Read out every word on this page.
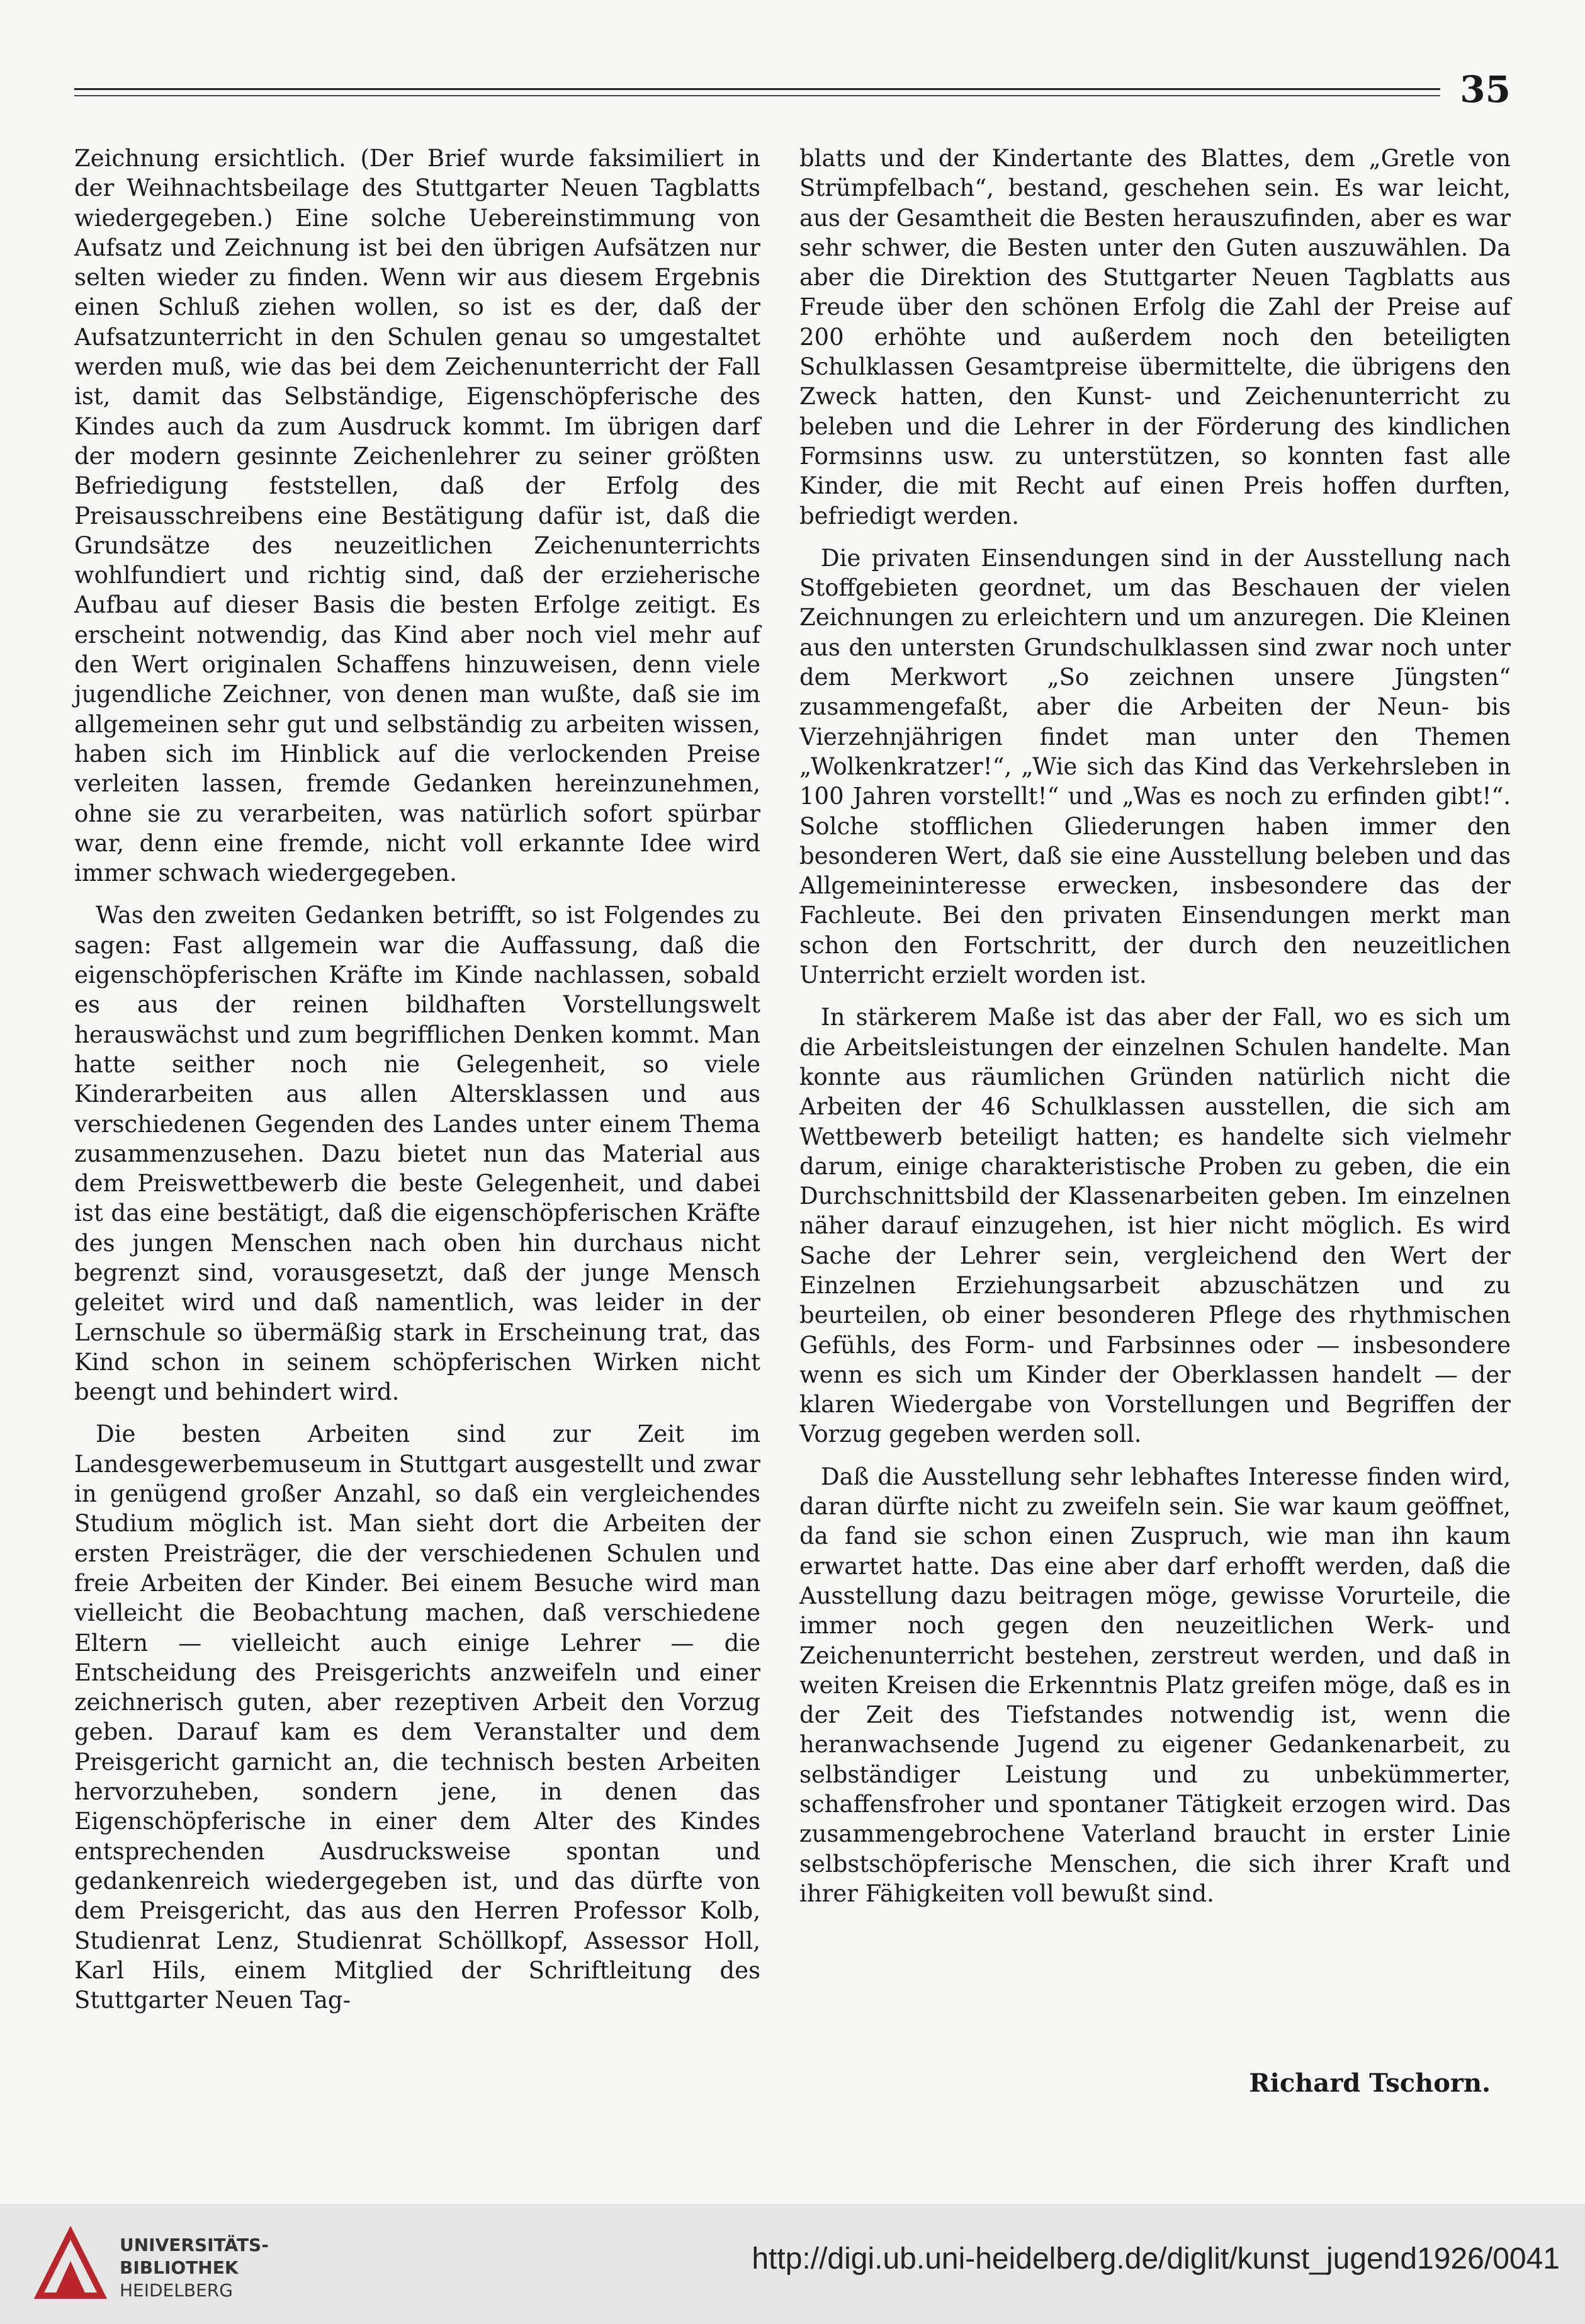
35

Zeichnung ersichtlich. (Der Brief wurde faksimiliert in der Weihnachtsbeilage des Stuttgarter Neuen Tagblatts wiedergegeben.) Eine solche Uebereinstimmung von Aufsatz und Zeichnung ist bei den übrigen Aufsätzen nur selten wieder zu finden. Wenn wir aus diesem Ergebnis einen Schluß ziehen wollen, so ist es der, daß der Aufsatzunterricht in den Schulen genau so umgestaltet werden muß, wie das bei dem Zeichenunterricht der Fall ist, damit das Selbständige, Eigenschöpferische des Kindes auch da zum Ausdruck kommt. Im übrigen darf der modern gesinnte Zeichenlehrer zu seiner größten Befriedigung feststellen, daß der Erfolg des Preisausschreibens eine Bestätigung dafür ist, daß die Grundsätze des neuzeitlichen Zeichenunterrichts wohlfundiert und richtig sind, daß der erzieherische Aufbau auf dieser Basis die besten Erfolge zeitigt. Es erscheint notwendig, das Kind aber noch viel mehr auf den Wert originalen Schaffens hinzuweisen, denn viele jugendliche Zeichner, von denen man wußte, daß sie im allgemeinen sehr gut und selbständig zu arbeiten wissen, haben sich im Hinblick auf die verlockenden Preise verleiten lassen, fremde Gedanken hereinzunehmen, ohne sie zu verarbeiten, was natürlich sofort spürbar war, denn eine fremde, nicht voll erkannte Idee wird immer schwach wiedergegeben.

Was den zweiten Gedanken betrifft, so ist Folgendes zu sagen: Fast allgemein war die Auffassung, daß die eigenschöpferischen Kräfte im Kinde nachlassen, sobald es aus der reinen bildhaften Vorstellungswelt herauswächst und zum begrifflichen Denken kommt. Man hatte seither noch nie Gelegenheit, so viele Kinderarbeiten aus allen Altersklassen und aus verschiedenen Gegenden des Landes unter einem Thema zusammenzusehen. Dazu bietet nun das Material aus dem Preiswettbewerb die beste Gelegenheit, und dabei ist das eine bestätigt, daß die eigenschöpferischen Kräfte des jungen Menschen nach oben hin durchaus nicht begrenzt sind, vorausgesetzt, daß der junge Mensch geleitet wird und daß namentlich, was leider in der Lernschule so übermäßig stark in Erscheinung trat, das Kind schon in seinem schöpferischen Wirken nicht beengt und behindert wird.

Die besten Arbeiten sind zur Zeit im Landesgewerbemuseum in Stuttgart ausgestellt und zwar in genügend großer Anzahl, so daß ein vergleichendes Studium möglich ist. Man sieht dort die Arbeiten der ersten Preisträger, die der verschiedenen Schulen und freie Arbeiten der Kinder. Bei einem Besuche wird man vielleicht die Beobachtung machen, daß verschiedene Eltern — vielleicht auch einige Lehrer — die Entscheidung des Preisgerichts anzweifeln und einer zeichnerisch guten, aber rezeptiven Arbeit den Vorzug geben. Darauf kam es dem Veranstalter und dem Preisgericht garnicht an, die technisch besten Arbeiten hervorzuheben, sondern jene, in denen das Eigenschöpferische in einer dem Alter des Kindes entsprechenden Ausdrucksweise spontan und gedankenreich wiedergegeben ist, und das dürfte von dem Preisgericht, das aus den Herren Professor Kolb, Studienrat Lenz, Studienrat Schöllkopf, Assessor Holl, Karl Hils, einem Mitglied der Schriftleitung des Stuttgarter Neuen Tag-

blatts und der Kindertante des Blattes, dem „Gretle von Strümpfelbach“, bestand, geschehen sein. Es war leicht, aus der Gesamtheit die Besten herauszufinden, aber es war sehr schwer, die Besten unter den Guten auszuwählen. Da aber die Direktion des Stuttgarter Neuen Tagblatts aus Freude über den schönen Erfolg die Zahl der Preise auf 200 erhöhte und außerdem noch den beteiligten Schulklassen Gesamtpreise übermittelte, die übrigens den Zweck hatten, den Kunst- und Zeichenunterricht zu beleben und die Lehrer in der Förderung des kindlichen Formsinns usw. zu unterstützen, so konnten fast alle Kinder, die mit Recht auf einen Preis hoffen durften, befriedigt werden.

Die privaten Einsendungen sind in der Ausstellung nach Stoffgebieten geordnet, um das Beschauen der vielen Zeichnungen zu erleichtern und um anzuregen. Die Kleinen aus den untersten Grundschulklassen sind zwar noch unter dem Merkwort „So zeichnen unsere Jüngsten“ zusammengefaßt, aber die Arbeiten der Neun- bis Vierzehnjährigen findet man unter den Themen „Wolkenkratzer!“, „Wie sich das Kind das Verkehrsleben in 100 Jahren vorstellt!“ und „Was es noch zu erfinden gibt!“. Solche stofflichen Gliederungen haben immer den besonderen Wert, daß sie eine Ausstellung beleben und das Allgemeininteresse erwecken, insbesondere das der Fachleute. Bei den privaten Einsendungen merkt man schon den Fortschritt, der durch den neuzeitlichen Unterricht erzielt worden ist.

In stärkerem Maße ist das aber der Fall, wo es sich um die Arbeitsleistungen der einzelnen Schulen handelte. Man konnte aus räumlichen Gründen natürlich nicht die Arbeiten der 46 Schulklassen ausstellen, die sich am Wettbewerb beteiligt hatten; es handelte sich vielmehr darum, einige charakteristische Proben zu geben, die ein Durchschnittsbild der Klassenarbeiten geben. Im einzelnen näher darauf einzugehen, ist hier nicht möglich. Es wird Sache der Lehrer sein, vergleichend den Wert der Einzelnen Erziehungsarbeit abzuschätzen und zu beurteilen, ob einer besonderen Pflege des rhythmischen Gefühls, des Form- und Farbsinnes oder — insbesondere wenn es sich um Kinder der Oberklassen handelt — der klaren Wiedergabe von Vorstellungen und Begriffen der Vorzug gegeben werden soll.

Daß die Ausstellung sehr lebhaftes Interesse finden wird, daran dürfte nicht zu zweifeln sein. Sie war kaum geöffnet, da fand sie schon einen Zuspruch, wie man ihn kaum erwartet hatte. Das eine aber darf erhofft werden, daß die Ausstellung dazu beitragen möge, gewisse Vorurteile, die immer noch gegen den neuzeitlichen Werk- und Zeichenunterricht bestehen, zerstreut werden, und daß in weiten Kreisen die Erkenntnis Platz greifen möge, daß es in der Zeit des Tiefstandes notwendig ist, wenn die heranwachsende Jugend zu eigener Gedankenarbeit, zu selbständiger Leistung und zu unbekümmerter, schaffensfroher und spontaner Tätigkeit erzogen wird. Das zusammengebrochene Vaterland braucht in erster Linie selbstschöpferische Menschen, die sich ihrer Kraft und ihrer Fähigkeiten voll bewußt sind.

Richard Tschorn.
UNIVERSITÄTS-
BIBLIOTHEK
HEIDELBERG
http://digi.ub.uni-heidelberg.de/diglit/kunst_jugend1926/0041
